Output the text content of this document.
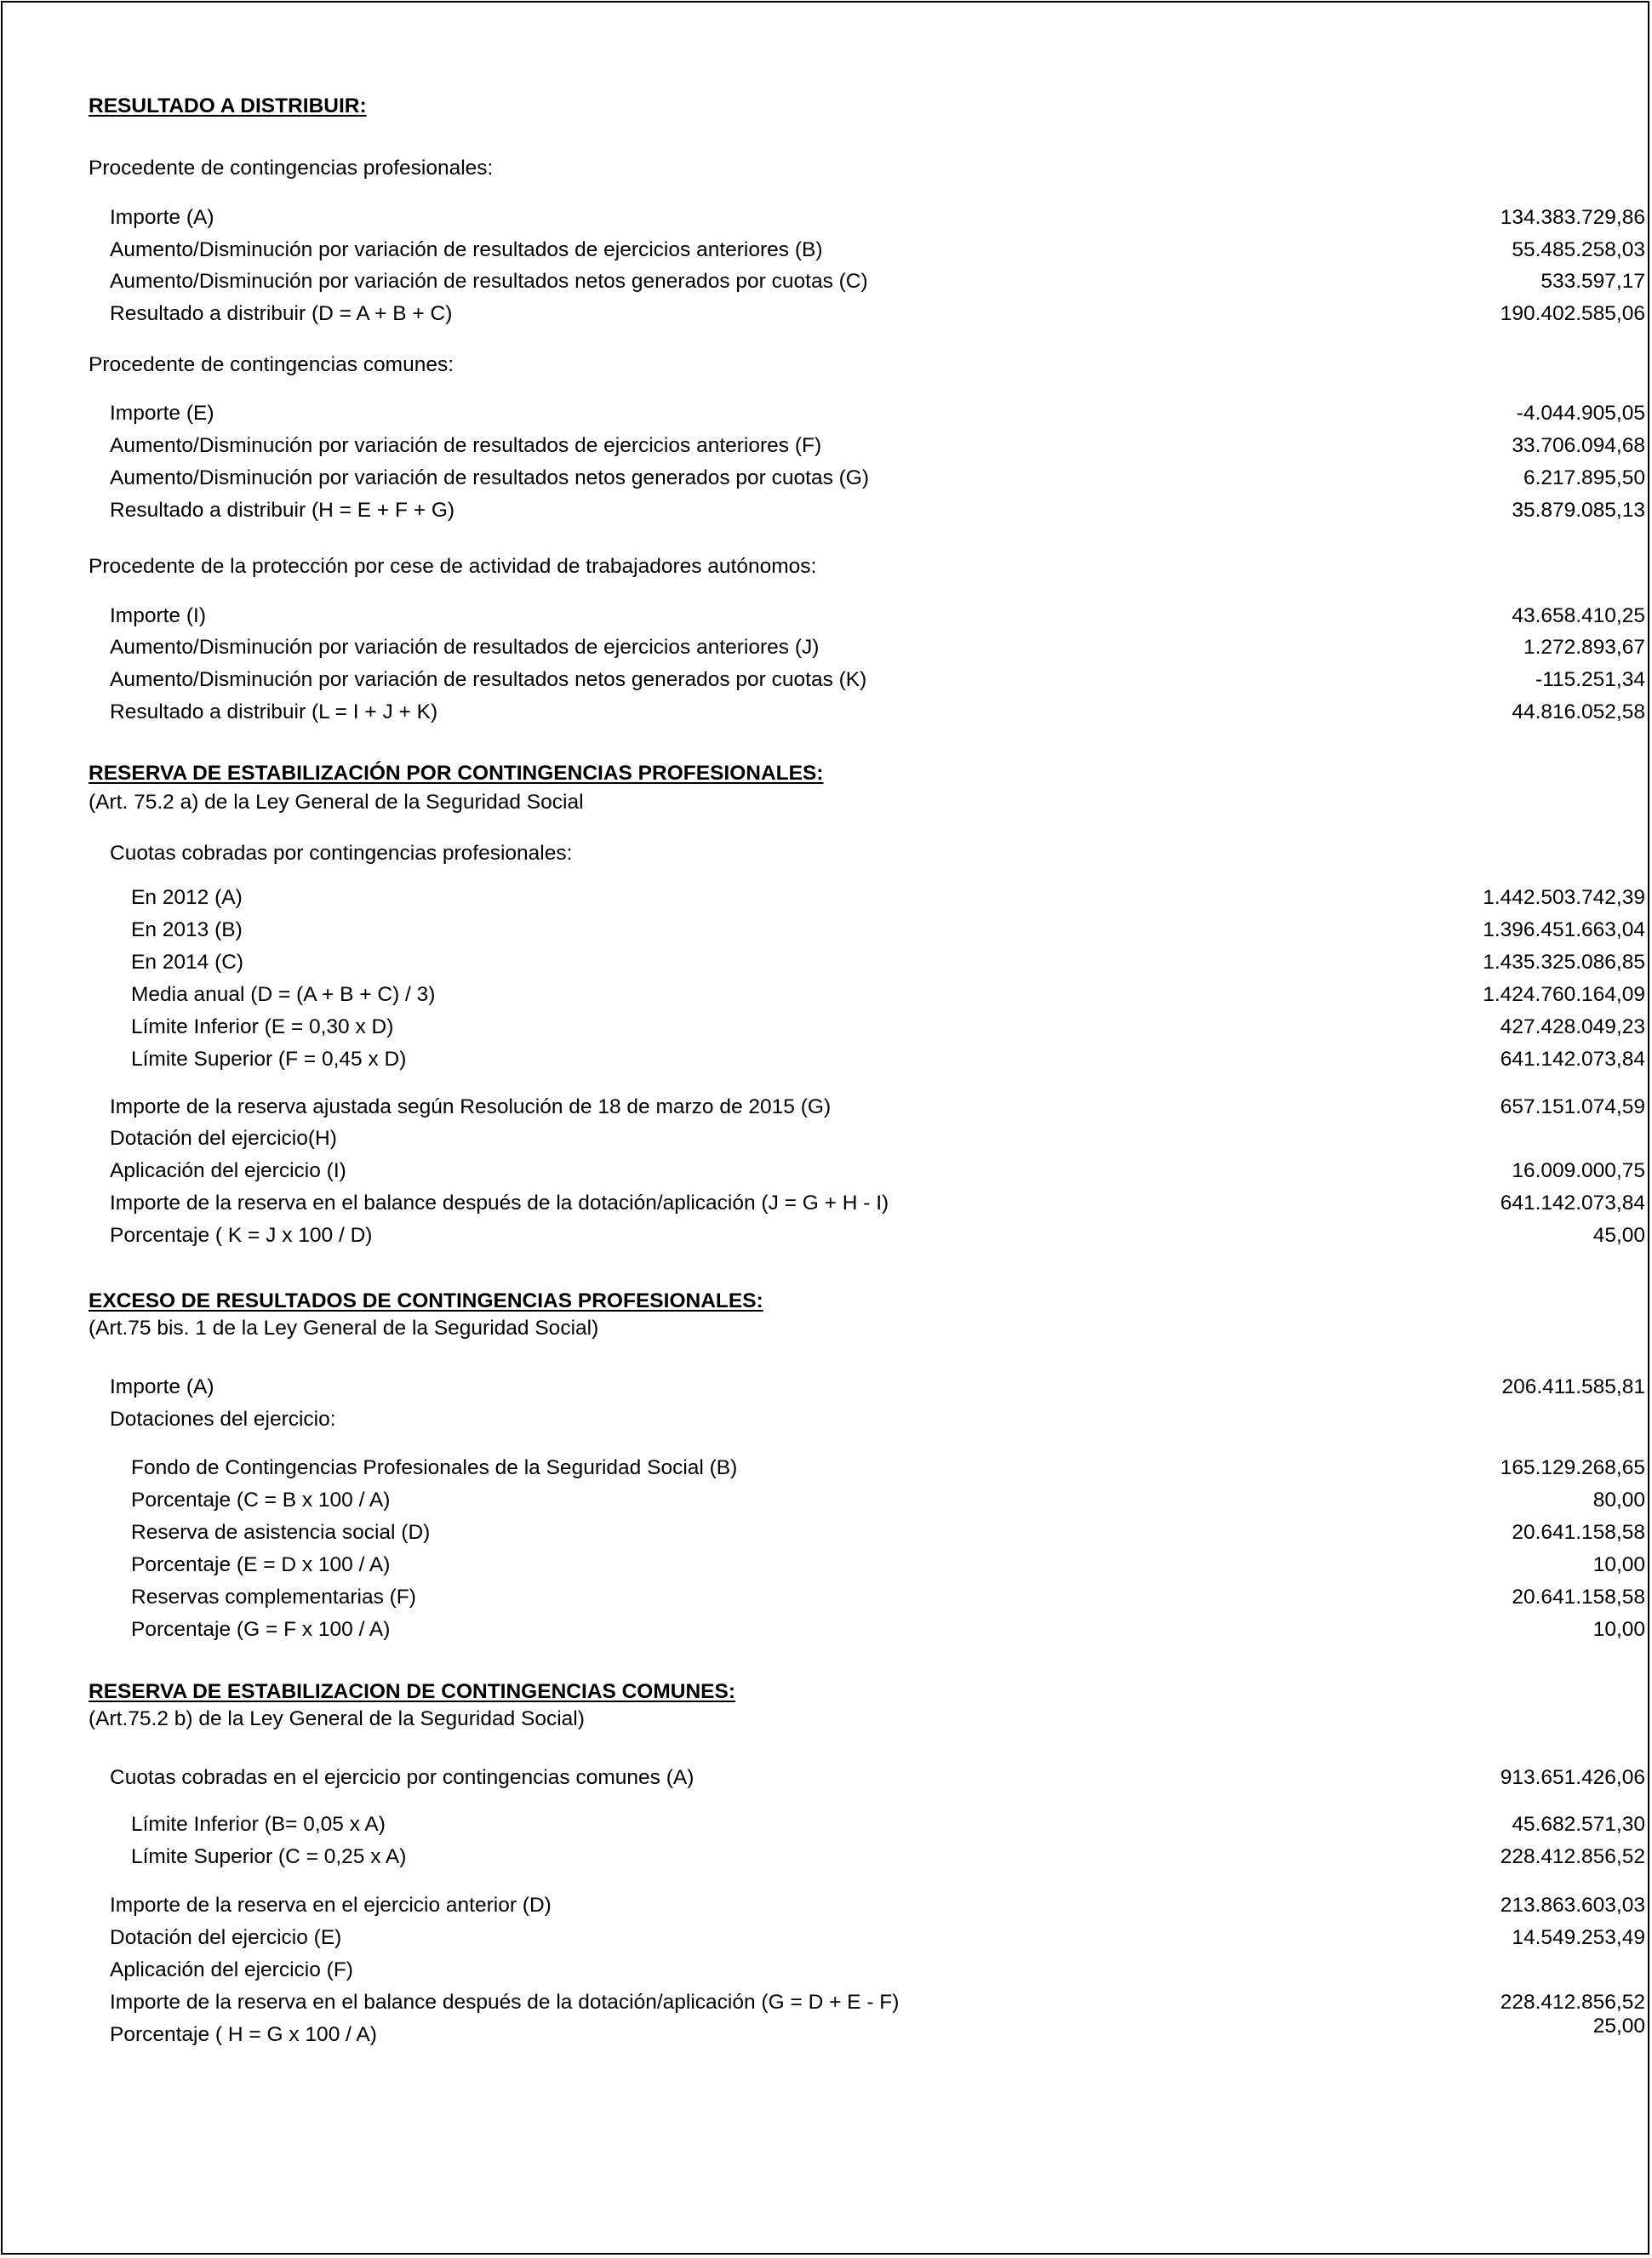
RESULTADO A DISTRIBUIR:
Procedente de contingencias profesionales:
Importe (A)	134.383.729,86
Aumento/Disminución por variación de resultados de ejercicios anteriores (B)	55.485.258,03
Aumento/Disminución por variación de resultados netos generados por cuotas (C)	533.597,17
Resultado a distribuir (D = A + B + C)	190.402.585,06
Procedente de contingencias comunes:
Importe (E)	-4.044.905,05
Aumento/Disminución por variación de resultados de ejercicios anteriores (F)	33.706.094,68
Aumento/Disminución por variación de resultados netos generados por cuotas (G)	6.217.895,50
Resultado a distribuir (H = E + F + G)	35.879.085,13
Procedente de la protección por cese de actividad de trabajadores autónomos:
Importe (I)	43.658.410,25
Aumento/Disminución por variación de resultados de ejercicios anteriores (J)	1.272.893,67
Aumento/Disminución por variación de resultados netos generados por cuotas (K)	-115.251,34
Resultado a distribuir (L = I + J + K)	44.816.052,58
RESERVA DE ESTABILIZACIÓN POR CONTINGENCIAS PROFESIONALES:
(Art. 75.2 a) de la Ley General de la Seguridad Social
Cuotas cobradas por contingencias profesionales:
En 2012 (A)	1.442.503.742,39
En 2013 (B)	1.396.451.663,04
En 2014 (C)	1.435.325.086,85
Media anual (D = (A + B + C) / 3)	1.424.760.164,09
Límite Inferior (E = 0,30 x D)	427.428.049,23
Límite Superior (F = 0,45 x D)	641.142.073,84
Importe de la reserva ajustada según Resolución de 18 de marzo de 2015 (G)	657.151.074,59
Dotación del ejercicio(H)
Aplicación del ejercicio (I)	16.009.000,75
Importe de la reserva en el balance después de la dotación/aplicación (J = G + H - I)	641.142.073,84
Porcentaje ( K = J x 100 / D)	45,00
EXCESO DE RESULTADOS DE CONTINGENCIAS PROFESIONALES:
(Art.75 bis. 1 de la Ley General de la Seguridad Social)
Importe (A)	206.411.585,81
Dotaciones del ejercicio:
Fondo de Contingencias Profesionales de la Seguridad Social (B)	165.129.268,65
Porcentaje (C = B x 100 / A)	80,00
Reserva de asistencia social (D)	20.641.158,58
Porcentaje (E = D x 100 / A)	10,00
Reservas complementarias (F)	20.641.158,58
Porcentaje (G = F x 100 / A)	10,00
RESERVA DE ESTABILIZACION DE CONTINGENCIAS COMUNES:
(Art.75.2 b) de la Ley General de la Seguridad Social)
Cuotas cobradas en el ejercicio por contingencias comunes (A)	913.651.426,06
Límite Inferior (B= 0,05 x A)	45.682.571,30
Límite Superior (C = 0,25 x A)	228.412.856,52
Importe de la reserva en el ejercicio anterior (D)	213.863.603,03
Dotación del ejercicio (E)	14.549.253,49
Aplicación del ejercicio (F)
Importe de la reserva en el balance después de la dotación/aplicación (G = D + E - F)	228.412.856,52
Porcentaje ( H = G x 100 / A)	25,00
